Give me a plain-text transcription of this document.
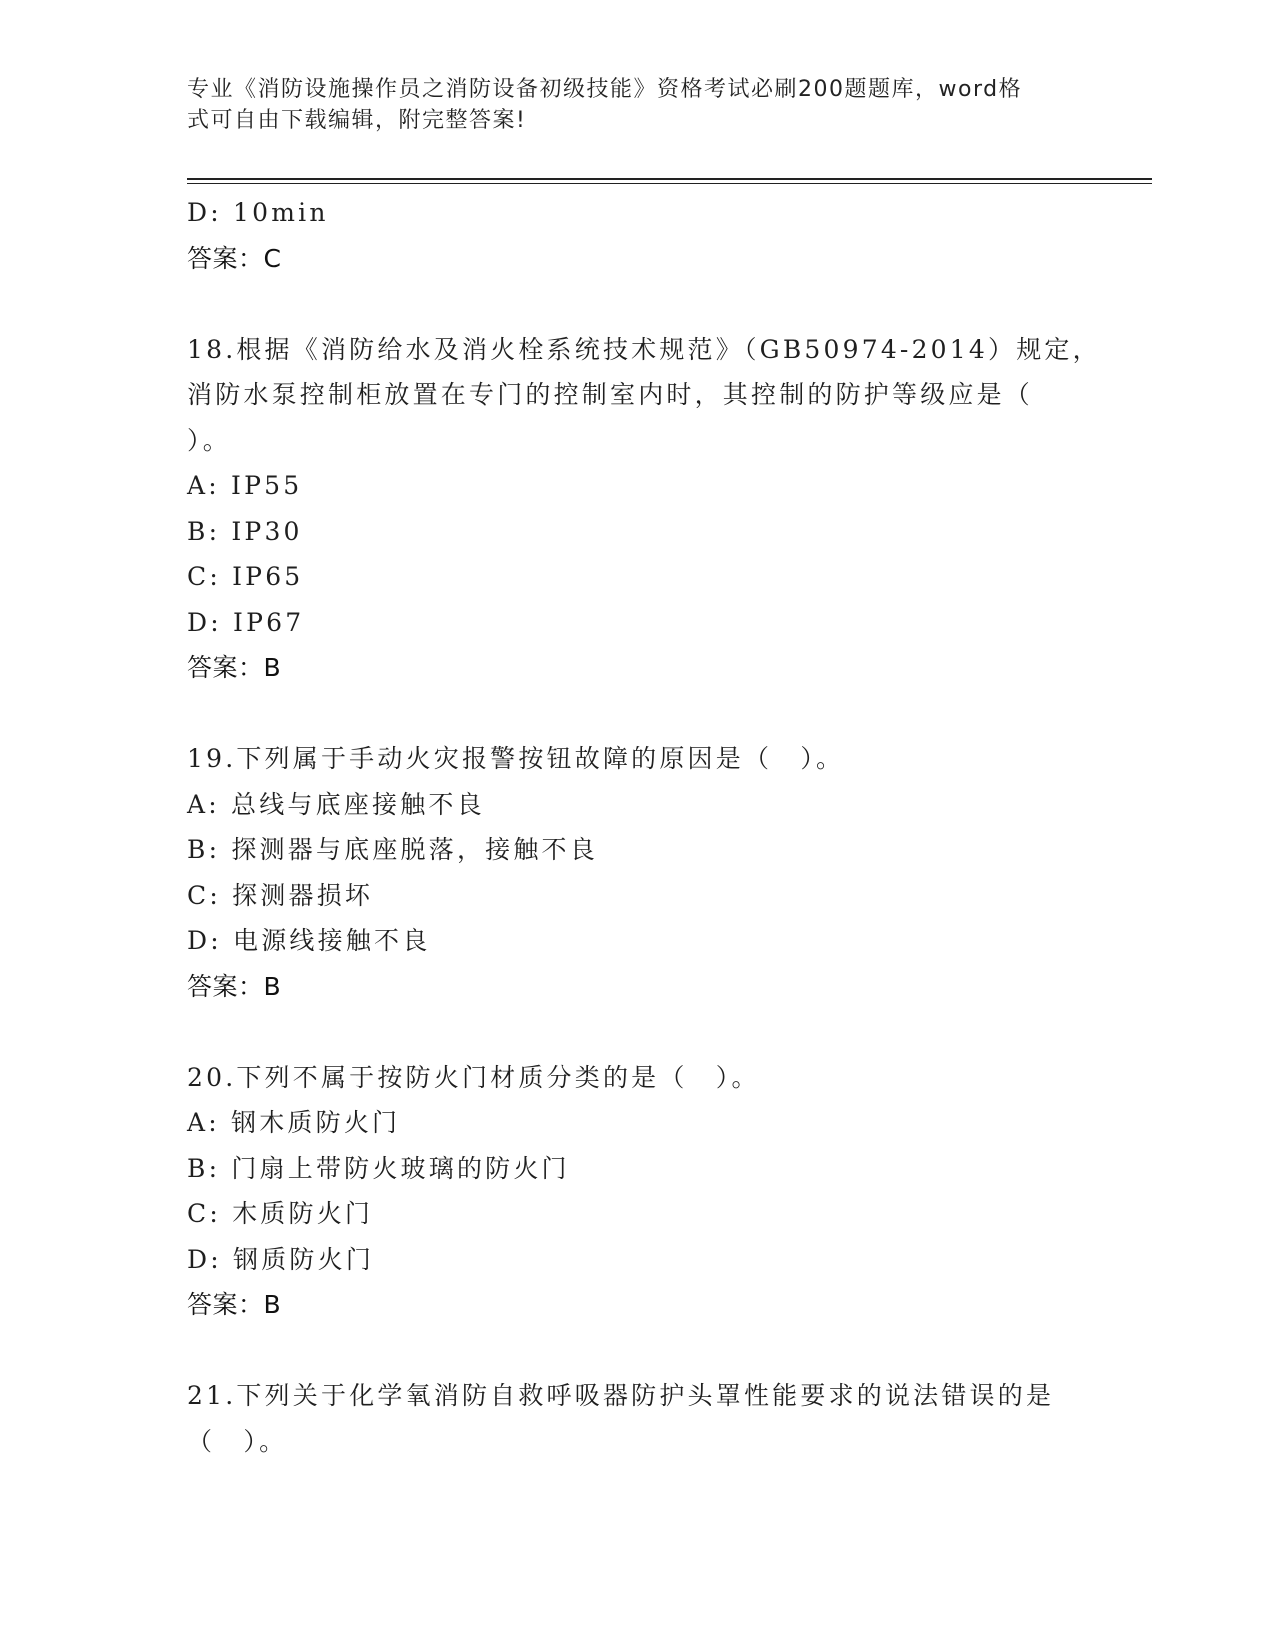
专业《消防设施操作员之消防设备初级技能》资格考试必刷200题题库，word格
式可自由下载编辑，附完整答案!
D: 10min
答案：C
18.根据《消防给水及消火栓系统技术规范》（GB50974-2014）规定，
消防水泵控制柜放置在专门的控制室内时，其控制的防护等级应是（
）。
A: IP55
B: IP30
C: IP65
D: IP67
答案：B
19.下列属于手动火灾报警按钮故障的原因是（　）。
A: 总线与底座接触不良
B: 探测器与底座脱落，接触不良
C: 探测器损坏
D: 电源线接触不良
答案：B
20.下列不属于按防火门材质分类的是（　）。
A: 钢木质防火门
B: 门扇上带防火玻璃的防火门
C: 木质防火门
D: 钢质防火门
答案：B
21.下列关于化学氧消防自救呼吸器防护头罩性能要求的说法错误的是
（　）。
